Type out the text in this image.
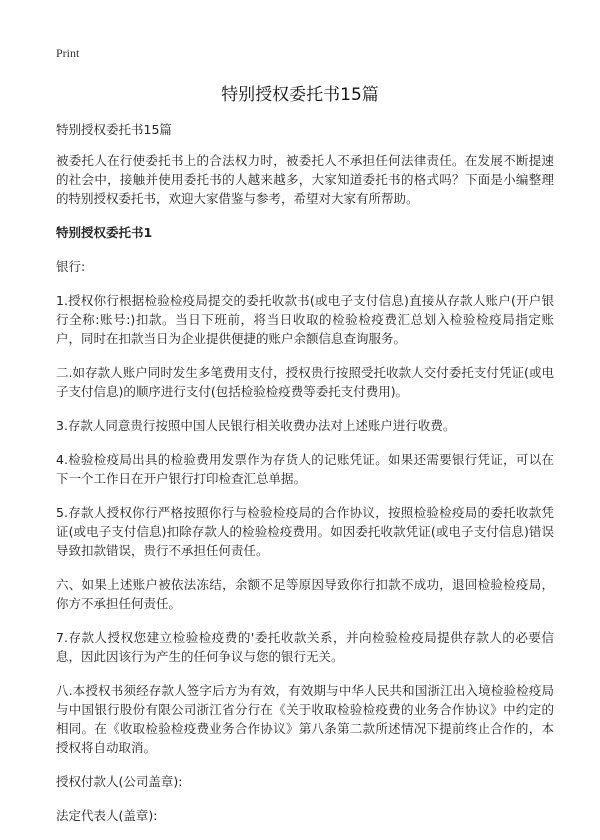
Print
特别授权委托书15篇

特别授权委托书15篇

被委托人在行使委托书上的合法权力时，被委托人不承担任何法律责任。在发展不断提速的社会中，接触并使用委托书的人越来越多，大家知道委托书的格式吗？下面是小编整理的特别授权委托书，欢迎大家借鉴与参考，希望对大家有所帮助。

特别授权委托书1

银行:

1.授权你行根据检验检疫局提交的委托收款书(或电子支付信息)直接从存款人账户(开户银行全称:账号:)扣款。当日下班前，将当日收取的检验检疫费汇总划入检验检疫局指定账户，同时在扣款当日为企业提供便捷的账户余额信息查询服务。

二.如存款人账户同时发生多笔费用支付，授权贵行按照受托收款人交付委托支付凭证(或电子支付信息)的顺序进行支付(包括检验检疫费等委托支付费用)。

3.存款人同意贵行按照中国人民银行相关收费办法对上述账户进行收费。

4.检验检疫局出具的检验费用发票作为存货人的记账凭证。如果还需要银行凭证，可以在下一个工作日在开户银行打印检查汇总单据。

5.存款人授权你行严格按照你行与检验检疫局的合作协议，按照检验检疫局的委托收款凭证(或电子支付信息)扣除存款人的检验检疫费用。如因委托收款凭证(或电子支付信息)错误导致扣款错误，贵行不承担任何责任。

六、如果上述账户被依法冻结，余额不足等原因导致你行扣款不成功，退回检验检疫局，你方不承担任何责任。

7.存款人授权您建立检验检疫费的'委托收款关系，并向检验检疫局提供存款人的必要信息，因此因该行为产生的任何争议与您的银行无关。

八.本授权书须经存款人签字后方为有效，有效期与中华人民共和国浙江出入境检验检疫局与中国银行股份有限公司浙江省分行在《关于收取检验检疫费的业务合作协议》中约定的相同。在《收取检验检疫费业务合作协议》第八条第二款所述情况下提前终止合作的，本授权将自动取消。

授权付款人(公司盖章):

法定代表人(盖章):
